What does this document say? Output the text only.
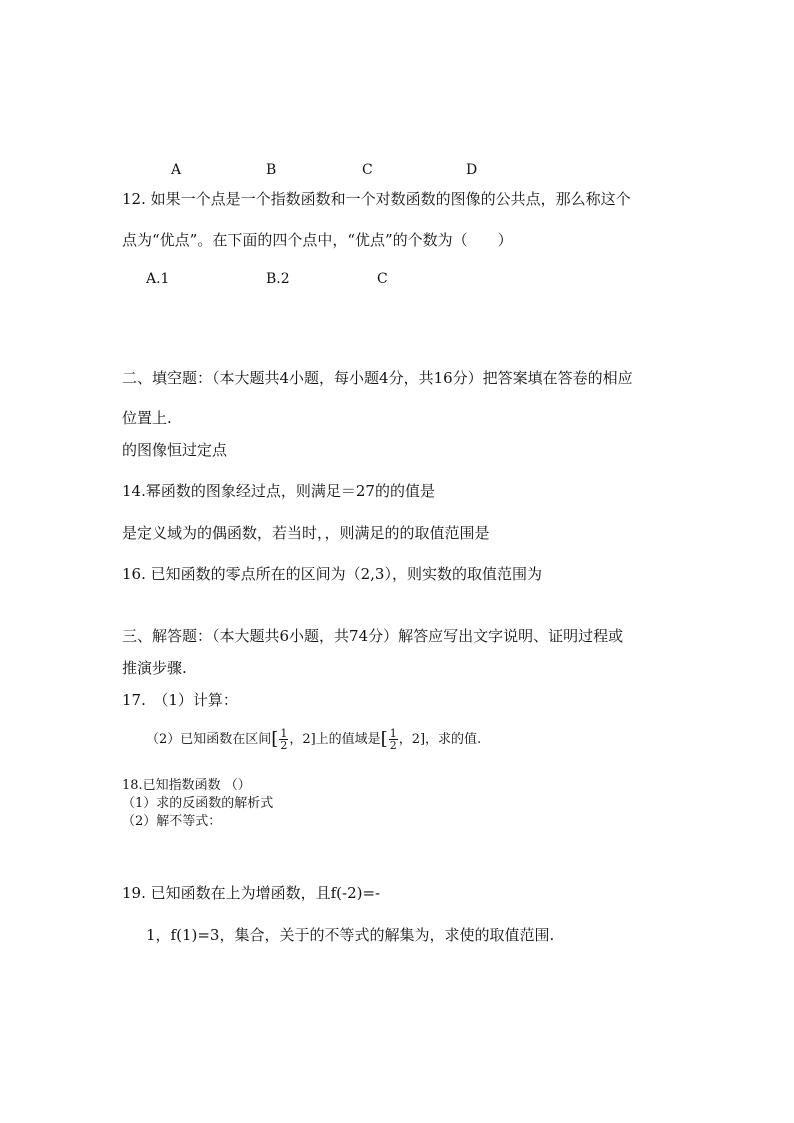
A	B	C	D
12. 如果一个点是一个指数函数和一个对数函数的图像的公共点，那么称这个
点为“优点”。在下面的四个点中，“优点”的个数为（　　）
A.1	B.2	C
二、填空题：（本大题共4小题，每小题4分，共16分）把答案填在答卷的相应
位置上.
的图像恒过定点
14.幂函数的图象经过点，则满足＝27的的值是
是定义域为的偶函数，若当时，，则满足的的取值范围是
16. 已知函数的零点所在的区间为（2,3），则实数的取值范围为
三、解答题：（本大题共6小题，共74分）解答应写出文字说明、证明过程或
推演步骤.
17.　（1）计算：
（2）已知函数在区间[ $\frac{1}{2}$ ，2]上的值域是[ $\frac{1}{2}$ ，2]，求的值.
18.已知指数函数 （）
（1）求的反函数的解析式
（2）解不等式：
19. 已知函数在上为增函数，且f(-2)=-
1，f(1)=3，集合，关于的不等式的解集为，求使的取值范围.
